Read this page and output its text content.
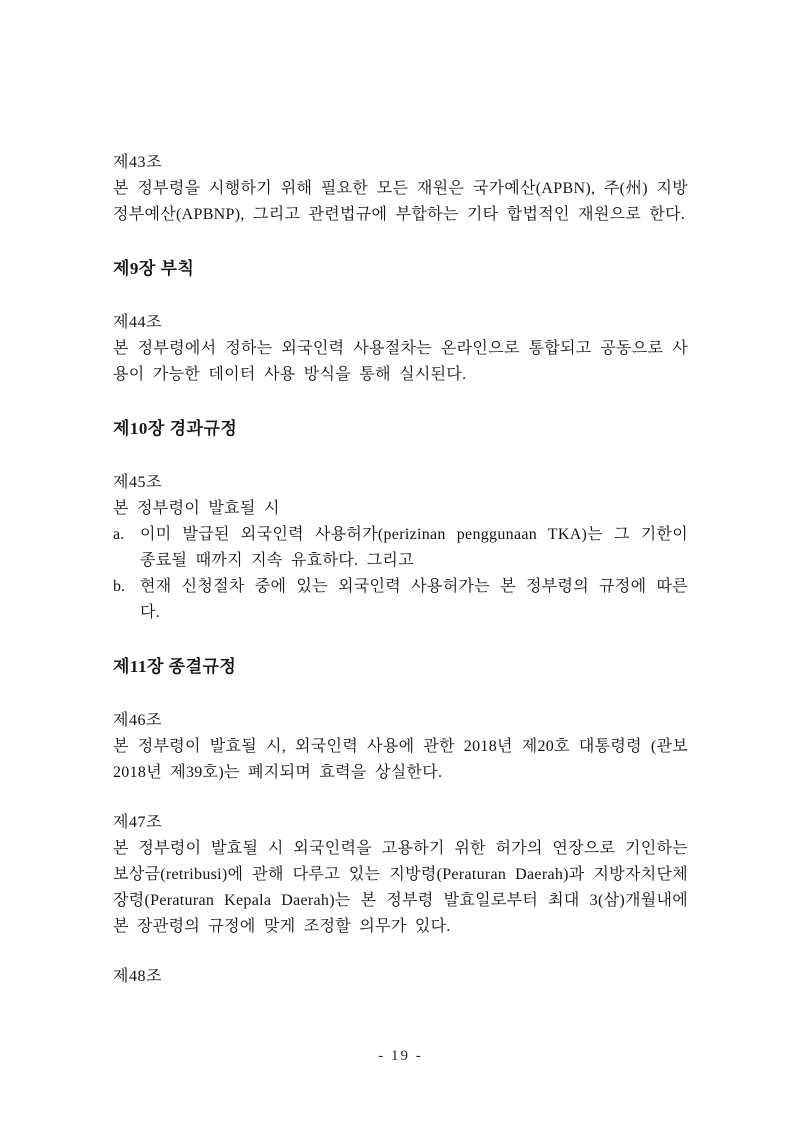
제43조

본 정부령을 시행하기 위해 필요한 모든 재원은 국가예산(APBN), 주(州) 지방정부예산(APBNP), 그리고 관련법규에 부합하는 기타 합법적인 재원으로 한다.

제9장 부칙
제44조

본 정부령에서 정하는 외국인력 사용절차는 온라인으로 통합되고 공동으로 사용이 가능한 데이터 사용 방식을 통해 실시된다.

제10장 경과규정
제45조

본 정부령이 발효될 시

a. 이미 발급된 외국인력 사용허가(perizinan penggunaan TKA)는 그 기한이 종료될 때까지 지속 유효하다. 그리고
b. 현재 신청절차 중에 있는 외국인력 사용허가는 본 정부령의 규정에 따른다.
제11장 종결규정
제46조

본 정부령이 발효될 시, 외국인력 사용에 관한 2018년 제20호 대통령령 (관보 2018년 제39호)는 폐지되며 효력을 상실한다.

제47조

본 정부령이 발효될 시 외국인력을 고용하기 위한 허가의 연장으로 기인하는 보상금(retribusi)에 관해 다루고 있는 지방령(Peraturan Daerah)과 지방자치단체장령(Peraturan Kepala Daerah)는 본 정부령 발효일로부터 최대 3(삼)개월내에 본 장관령의 규정에 맞게 조정할 의무가 있다.

제48조
- 19 -
